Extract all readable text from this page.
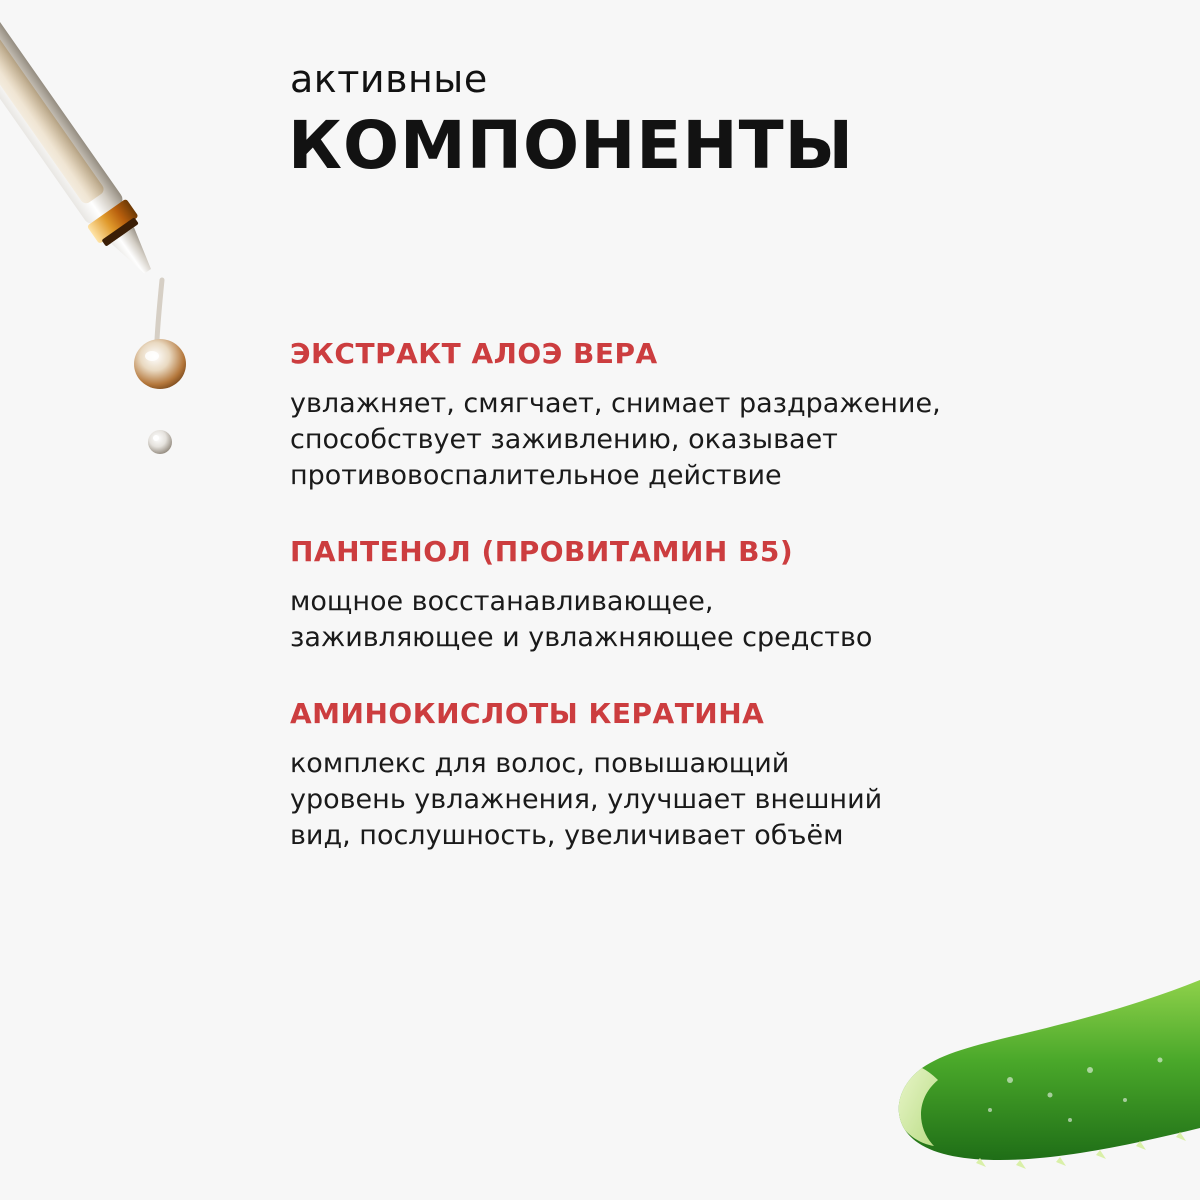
активные
КОМПОНЕНТЫ
ЭКСТРАКТ АЛОЭ ВЕРА
увлажняет, смягчает, снимает раздражение,
способствует заживлению, оказывает
противовоспалительное действие
ПАНТЕНОЛ (ПРОВИТАМИН B5)
мощное восстанавливающее,
заживляющее и увлажняющее средство
АМИНОКИСЛОТЫ КЕРАТИНА
комплекс для волос, повышающий
уровень увлажнения, улучшает внешний
вид, послушность, увеличивает объём
